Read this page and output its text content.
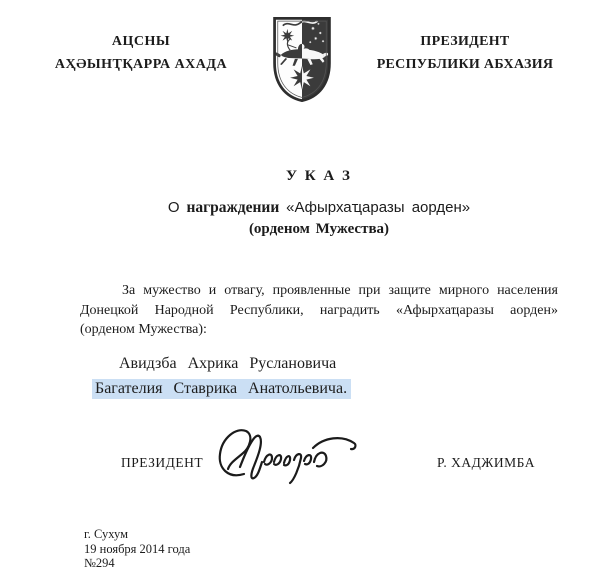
АЦСНЫ
АҲӘЫНҬҚАРРА АХАДА
ПРЕЗИДЕНТ
РЕСПУБЛИКИ АБХАЗИЯ
У К А З
О награждении «Афырхаҵаразы аорден»
(орденом Мужества)
За мужество и отвагу, проявленные при защите мирного населения
Донецкой Народной Республики, наградить «Афырхаҵаразы аорден»
(орденом Мужества):
Авидзба Ахрика Руслановича
Багателия Ставрика Анатольевича.
ПРЕЗИДЕНТ	Р. ХАДЖИМБА
г. Сухум
19 ноября 2014 года
№294
